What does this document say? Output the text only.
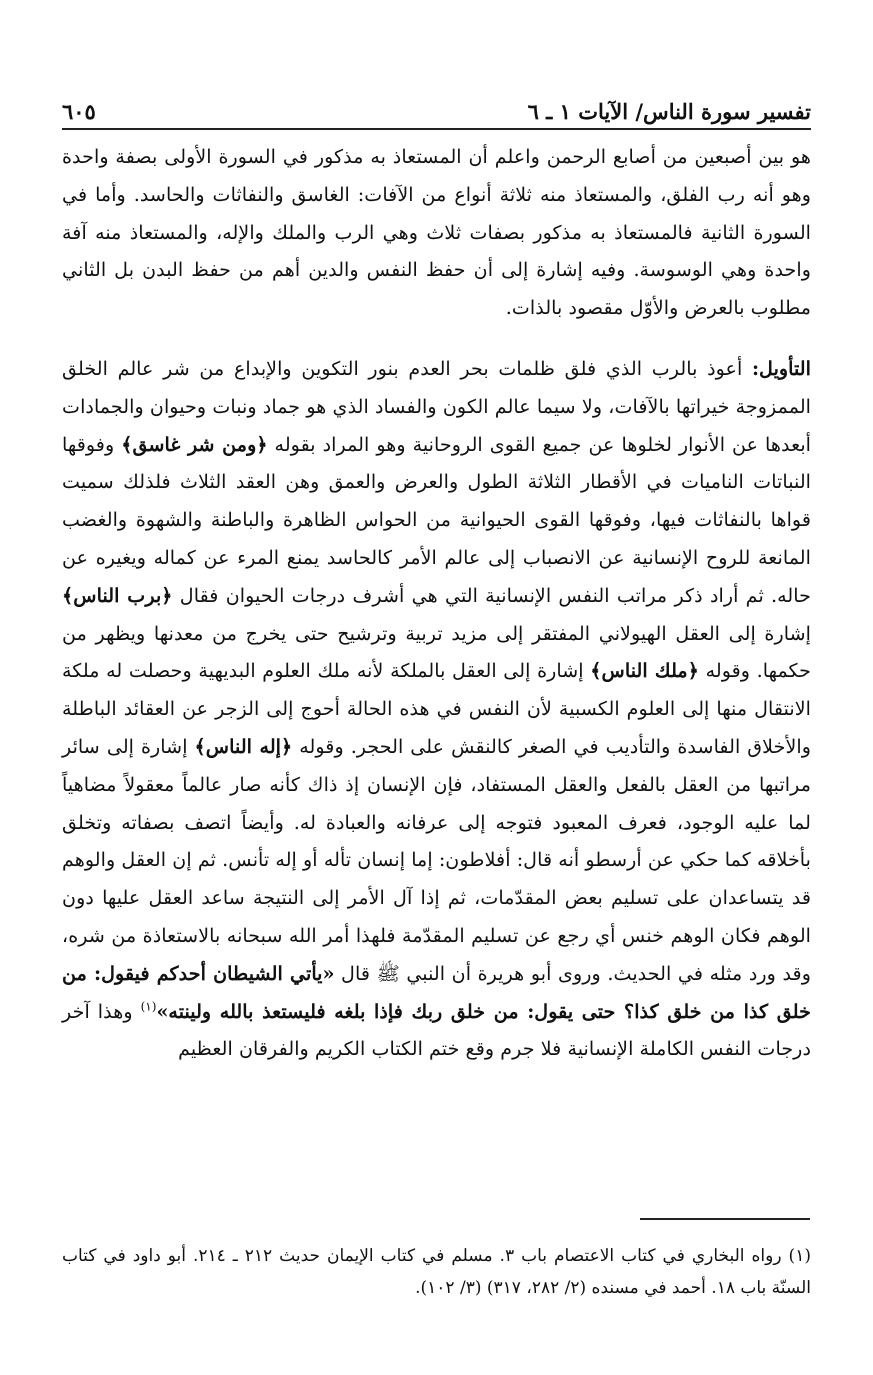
تفسير سورة الناس/ الآيات ١ ـ ٦
٦٠٥

هو بين أصبعين من أصابع الرحمن واعلم أن المستعاذ به مذكور في السورة الأولى بصفة واحدة وهو أنه رب الفلق، والمستعاذ منه ثلاثة أنواع من الآفات: الغاسق والنفاثات والحاسد. وأما في السورة الثانية فالمستعاذ به مذكور بصفات ثلاث وهي الرب والملك والإله، والمستعاذ منه آفة واحدة وهي الوسوسة. وفيه إشارة إلى أن حفظ النفس والدين أهم من حفظ البدن بل الثاني مطلوب بالعرض والأوّل مقصود بالذات.

التأويل: أعوذ بالرب الذي فلق ظلمات بحر العدم بنور التكوين والإبداع من شر عالم الخلق الممزوجة خيراتها بالآفات، ولا سيما عالم الكون والفساد الذي هو جماد ونبات وحيوان والجمادات أبعدها عن الأنوار لخلوها عن جميع القوى الروحانية وهو المراد بقوله ﴿ومن شر غاسق﴾ وفوقها النباتات الناميات في الأقطار الثلاثة الطول والعرض والعمق وهن العقد الثلاث فلذلك سميت قواها بالنفاثات فيها، وفوقها القوى الحيوانية من الحواس الظاهرة والباطنة والشهوة والغضب المانعة للروح الإنسانية عن الانصباب إلى عالم الأمر كالحاسد يمنع المرء عن كماله ويغيره عن حاله. ثم أراد ذكر مراتب النفس الإنسانية التي هي أشرف درجات الحيوان فقال ﴿برب الناس﴾ إشارة إلى العقل الهيولاني المفتقر إلى مزيد تربية وترشيح حتى يخرج من معدنها ويظهر من حكمها. وقوله ﴿ملك الناس﴾ إشارة إلى العقل بالملكة لأنه ملك العلوم البديهية وحصلت له ملكة الانتقال منها إلى العلوم الكسبية لأن النفس في هذه الحالة أحوج إلى الزجر عن العقائد الباطلة والأخلاق الفاسدة والتأديب في الصغر كالنقش على الحجر. وقوله ﴿إله الناس﴾ إشارة إلى سائر مراتبها من العقل بالفعل والعقل المستفاد، فإن الإنسان إذ ذاك كأنه صار عالماً معقولاً مضاهياً لما عليه الوجود، فعرف المعبود فتوجه إلى عرفانه والعبادة له. وأيضاً اتصف بصفاته وتخلق بأخلاقه كما حكي عن أرسطو أنه قال: أفلاطون: إما إنسان تأله أو إله تأنس. ثم إن العقل والوهم قد يتساعدان على تسليم بعض المقدّمات، ثم إذا آل الأمر إلى النتيجة ساعد العقل عليها دون الوهم فكان الوهم خنس أي رجع عن تسليم المقدّمة فلهذا أمر الله سبحانه بالاستعاذة من شره، وقد ورد مثله في الحديث. وروى أبو هريرة أن النبي ﷺ قال «يأتي الشيطان أحدكم فيقول: من خلق كذا من خلق كذا؟ حتى يقول: من خلق ربك فإذا بلغه فليستعذ بالله ولينته»$^{(١)}$ وهذا آخر درجات النفس الكاملة الإنسانية فلا جرم وقع ختم الكتاب الكريم والفرقان العظيم

(١) رواه البخاري في كتاب الاعتصام باب ٣. مسلم في كتاب الإيمان حديث ٢١٢ ـ ٢١٤. أبو داود في كتاب السنّة باب ١٨. أحمد في مسنده (٢/ ٢٨٢، ٣١٧) (٣/ ١٠٢).
